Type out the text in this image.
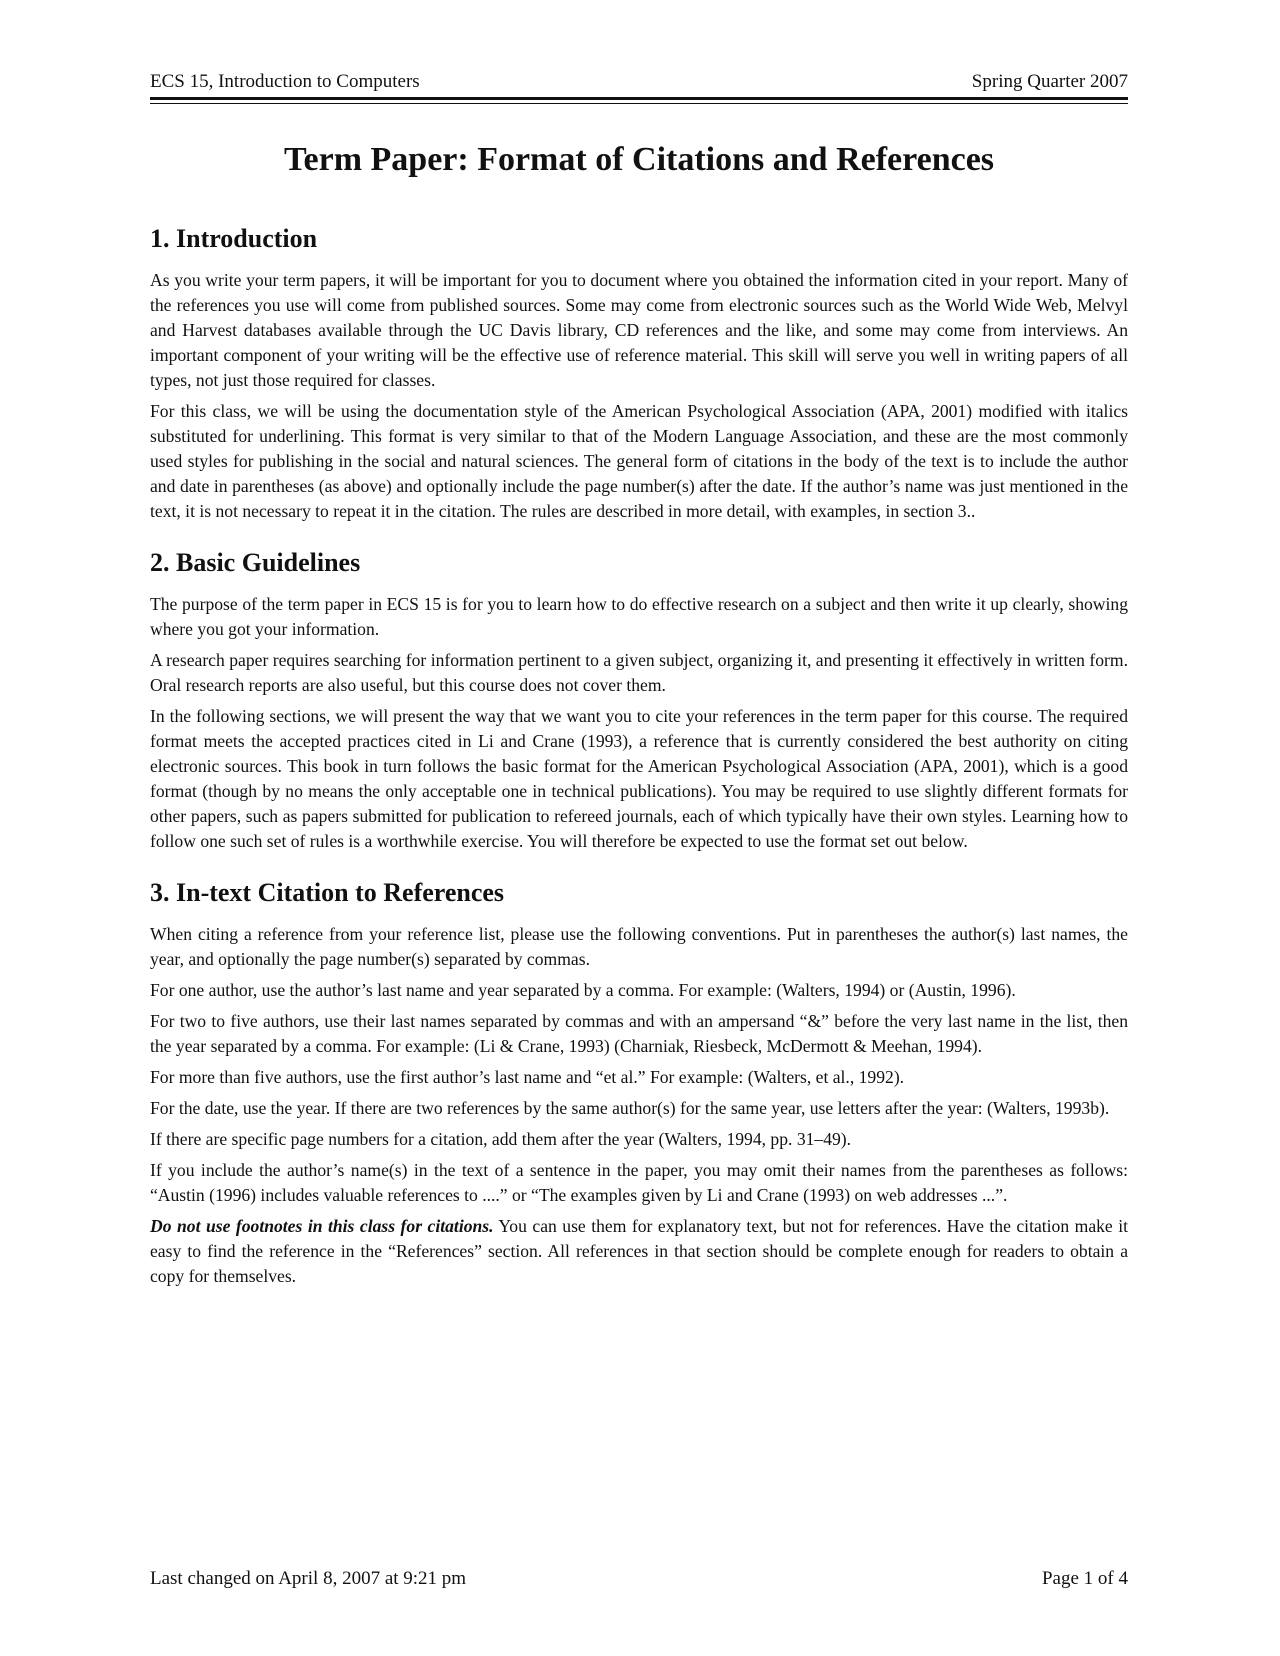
ECS 15, Introduction to Computers	Spring Quarter 2007
Term Paper: Format of Citations and References
1. Introduction

As you write your term papers, it will be important for you to document where you obtained the information cited in your report. Many of the references you use will come from published sources. Some may come from electronic sources such as the World Wide Web, Melvyl and Harvest databases available through the UC Davis library, CD references and the like, and some may come from interviews. An important component of your writing will be the effective use of reference material. This skill will serve you well in writing papers of all types, not just those required for classes.

For this class, we will be using the documentation style of the American Psychological Association (APA, 2001) modified with italics substituted for underlining. This format is very similar to that of the Modern Language Association, and these are the most commonly used styles for publishing in the social and natural sciences. The general form of citations in the body of the text is to include the author and date in parentheses (as above) and optionally include the page number(s) after the date. If the author’s name was just mentioned in the text, it is not necessary to repeat it in the citation. The rules are described in more detail, with examples, in section 3..

2. Basic Guidelines

The purpose of the term paper in ECS 15 is for you to learn how to do effective research on a subject and then write it up clearly, showing where you got your information.

A research paper requires searching for information pertinent to a given subject, organizing it, and presenting it effectively in written form. Oral research reports are also useful, but this course does not cover them.

In the following sections, we will present the way that we want you to cite your references in the term paper for this course. The required format meets the accepted practices cited in Li and Crane (1993), a reference that is currently considered the best authority on citing electronic sources. This book in turn follows the basic format for the American Psychological Association (APA, 2001), which is a good format (though by no means the only acceptable one in technical publications). You may be required to use slightly different formats for other papers, such as papers submitted for publication to refereed journals, each of which typically have their own styles. Learning how to follow one such set of rules is a worthwhile exercise. You will therefore be expected to use the format set out below.

3. In-text Citation to References

When citing a reference from your reference list, please use the following conventions. Put in parentheses the author(s) last names, the year, and optionally the page number(s) separated by commas.

For one author, use the author’s last name and year separated by a comma. For example: (Walters, 1994) or (Austin, 1996).

For two to five authors, use their last names separated by commas and with an ampersand “&” before the very last name in the list, then the year separated by a comma. For example: (Li & Crane, 1993) (Charniak, Riesbeck, McDermott & Meehan, 1994).

For more than five authors, use the first author’s last name and “et al.” For example: (Walters, et al., 1992).

For the date, use the year. If there are two references by the same author(s) for the same year, use letters after the year: (Walters, 1993b).

If there are specific page numbers for a citation, add them after the year (Walters, 1994, pp. 31–49).

If you include the author’s name(s) in the text of a sentence in the paper, you may omit their names from the parentheses as follows: “Austin (1996) includes valuable references to ....” or “The examples given by Li and Crane (1993) on web addresses ...”.

Do not use footnotes in this class for citations. You can use them for explanatory text, but not for references. Have the citation make it easy to find the reference in the “References” section. All references in that section should be complete enough for readers to obtain a copy for themselves.

Last changed on April 8, 2007 at 9:21 pm	Page 1 of 4
